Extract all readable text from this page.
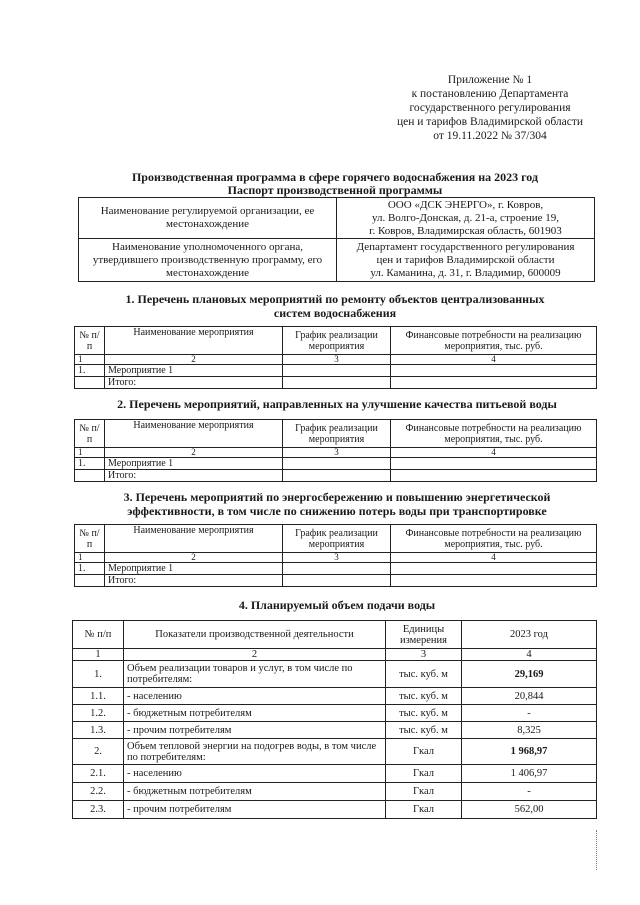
Приложение № 1
к постановлению Департамента
государственного регулирования
цен и тарифов Владимирской области
от 19.11.2022 № 37/304
Производственная программа в сфере горячего водоснабжения на 2023 год
Паспорт производственной программы
Наименование регулируемой организации, ее местонахождение	ООО «ДСК ЭНЕРГО», г. Ковров,
ул. Волго-Донская, д. 21-а, строение 19,
г. Ковров, Владимирская область, 601903

Наименование уполномоченного органа, утвердившего производственную программу, его местонахождение	Департамент государственного регулирования
цен и тарифов Владимирской области
ул. Каманина, д. 31, г. Владимир, 600009
1. Перечень плановых мероприятий по ремонту объектов централизованных
систем водоснабжения
№ п/п	Наименование мероприятия	График реализации мероприятия	Финансовые потребности на реализацию мероприятия, тыс. руб.
1	2	3	4
1.	Мероприятие 1		
	Итого:		
2. Перечень мероприятий, направленных на улучшение качества питьевой воды
№ п/п	Наименование мероприятия	График реализации мероприятия	Финансовые потребности на реализацию мероприятия, тыс. руб.
1	2	3	4
1.	Мероприятие 1		
	Итого:		
3. Перечень мероприятий по энергосбережению и повышению энергетической
эффективности, в том числе по снижению потерь воды при транспортировке
№ п/п	Наименование мероприятия	График реализации мероприятия	Финансовые потребности на реализацию мероприятия, тыс. руб.
1	2	3	4
1.	Мероприятие 1		
	Итого:		
4. Планируемый объем подачи воды
№ п/п	Показатели производственной деятельности	Единицы измерения	2023 год
1	2	3	4
1.	Объем реализации товаров и услуг, в том числе по потребителям:	тыс. куб. м	29,169
1.1.	- населению	тыс. куб. м	20,844
1.2.	- бюджетным потребителям	тыс. куб. м	-
1.3.	- прочим потребителям	тыс. куб. м	8,325
2.	Объем тепловой энергии на подогрев воды, в том числе по потребителям:	Гкал	1 968,97
2.1.	- населению	Гкал	1 406,97
2.2.	- бюджетным потребителям	Гкал	-
2.3.	- прочим потребителям	Гкал	562,00
